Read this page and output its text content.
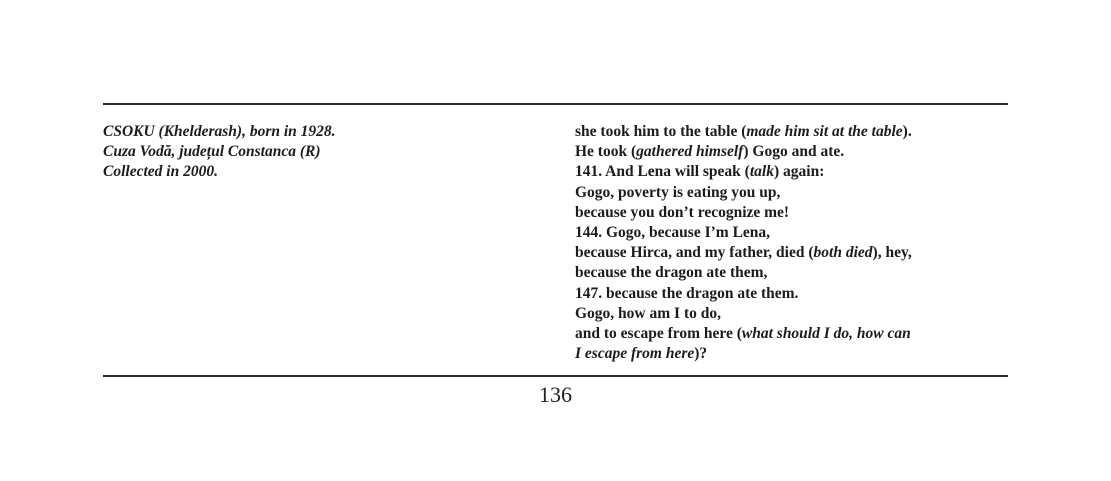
CSOKU (Khelderash), born in 1928.
Cuza Vodă, județul Constanca (R)
Collected in 2000.
she took him to the table (made him sit at the table).
He took (gathered himself) Gogo and ate.
141. And Lena will speak (talk) again:
Gogo, poverty is eating you up,
because you don’t recognize me!
144. Gogo, because I’m Lena,
because Hirca, and my father, died (both died), hey,
because the dragon ate them,
147. because the dragon ate them.
Gogo, how am I to do,
and to escape from here (what should I do, how can
I escape from here)?
136
